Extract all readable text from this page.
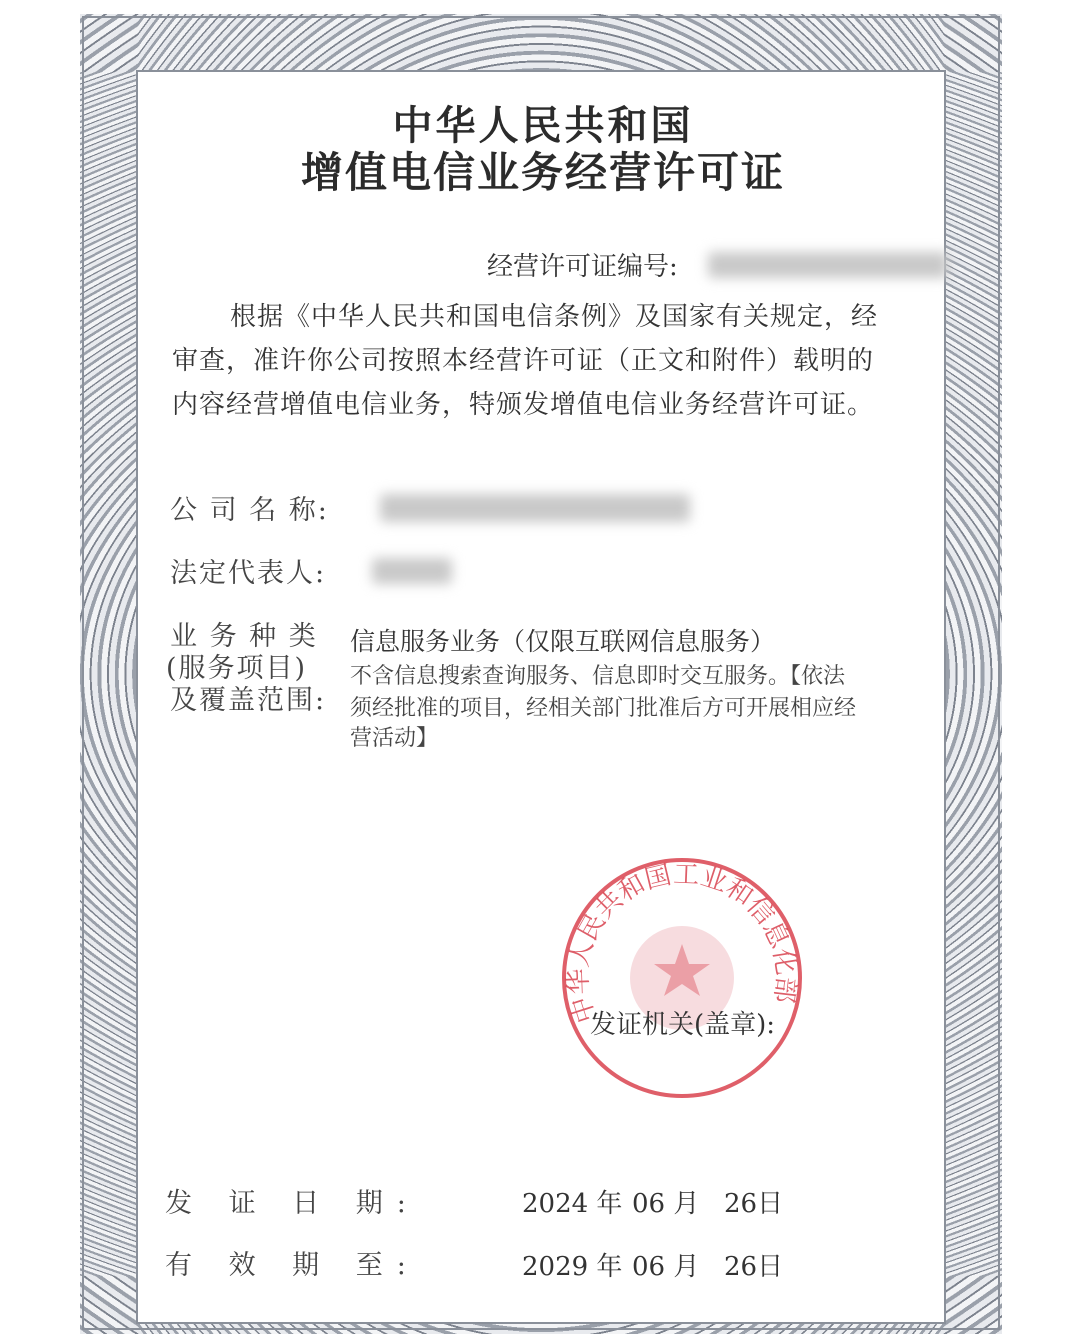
中华人民共和国
增值电信业务经营许可证
经营许可证编号:
根据《中华人民共和国电信条例》及国家有关规定，经
审查，准许你公司按照本经营许可证（正文和附件）载明的
内容经营增值电信业务，特颁发增值电信业务经营许可证。
公 司 名 称:
法定代表人:
业 务 种 类
(服务项目)
及覆盖范围:
信息服务业务（仅限互联网信息服务）
不含信息搜索查询服务、信息即时交互服务。【依法
须经批准的项目，经相关部门批准后方可开展相应经
营活动】
中华人民共和国工业和信息化部
发证机关(盖章):
发 证 日 期:	2024 年 06 月 26日
有 效 期 至:	2029 年 06 月 26日
